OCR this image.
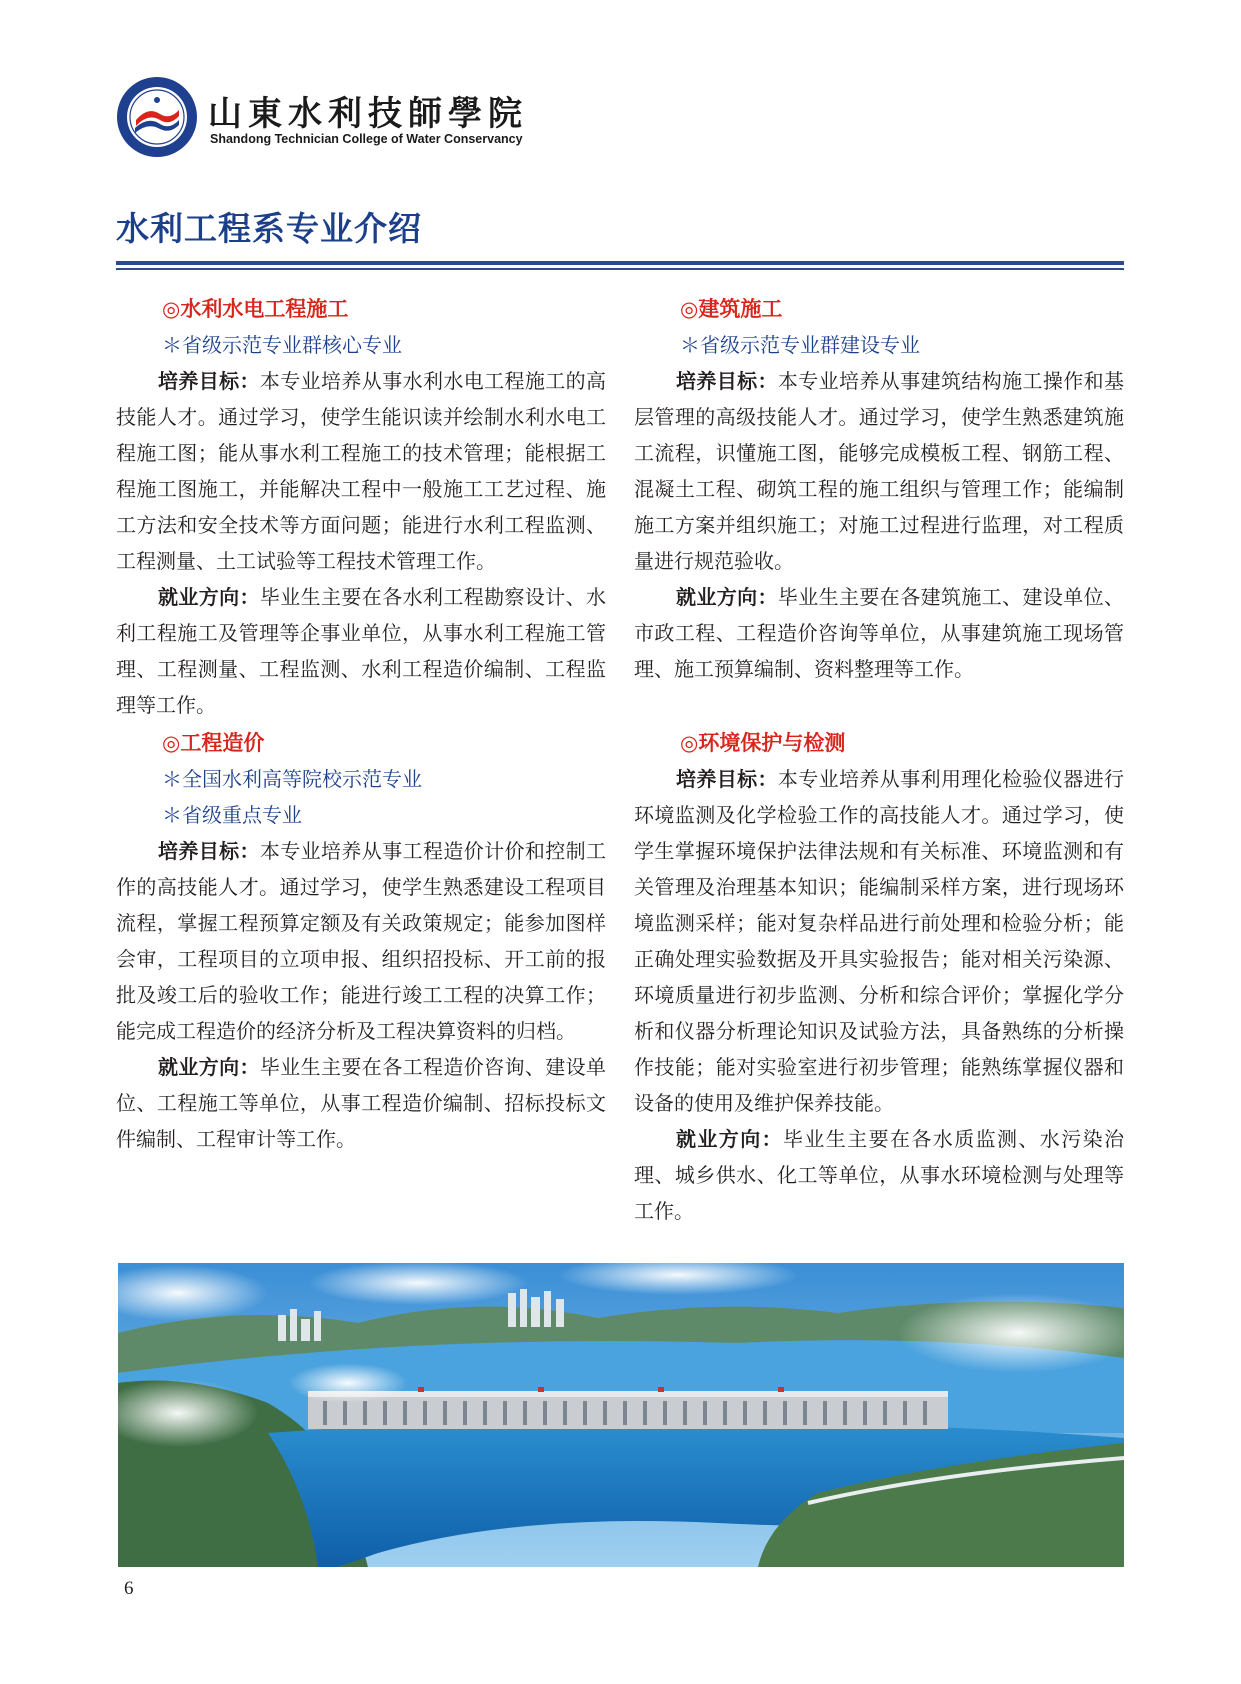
山東水利技師學院
Shandong Technician College of Water Conservancy
水利工程系专业介绍
◎水利水电工程施工
＊省级示范专业群核心专业

培养目标：本专业培养从事水利水电工程施工的高技能人才。通过学习，使学生能识读并绘制水利水电工程施工图；能从事水利工程施工的技术管理；能根据工程施工图施工，并能解决工程中一般施工工艺过程、施工方法和安全技术等方面问题；能进行水利工程监测、工程测量、土工试验等工程技术管理工作。

就业方向：毕业生主要在各水利工程勘察设计、水利工程施工及管理等企事业单位，从事水利工程施工管理、工程测量、工程监测、水利工程造价编制、工程监理等工作。

◎建筑施工
＊省级示范专业群建设专业

培养目标：本专业培养从事建筑结构施工操作和基层管理的高级技能人才。通过学习，使学生熟悉建筑施工流程，识懂施工图，能够完成模板工程、钢筋工程、混凝土工程、砌筑工程的施工组织与管理工作；能编制施工方案并组织施工；对施工过程进行监理，对工程质量进行规范验收。

就业方向：毕业生主要在各建筑施工、建设单位、市政工程、工程造价咨询等单位，从事建筑施工现场管理、施工预算编制、资料整理等工作。

◎工程造价
＊全国水利高等院校示范专业
＊省级重点专业

培养目标：本专业培养从事工程造价计价和控制工作的高技能人才。通过学习，使学生熟悉建设工程项目流程，掌握工程预算定额及有关政策规定；能参加图样会审，工程项目的立项申报、组织招投标、开工前的报批及竣工后的验收工作；能进行竣工工程的决算工作；能完成工程造价的经济分析及工程决算资料的归档。

就业方向：毕业生主要在各工程造价咨询、建设单位、工程施工等单位，从事工程造价编制、招标投标文件编制、工程审计等工作。

◎环境保护与检测

培养目标：本专业培养从事利用理化检验仪器进行环境监测及化学检验工作的高技能人才。通过学习，使学生掌握环境保护法律法规和有关标准、环境监测和有关管理及治理基本知识；能编制采样方案，进行现场环境监测采样；能对复杂样品进行前处理和检验分析；能正确处理实验数据及开具实验报告；能对相关污染源、环境质量进行初步监测、分析和综合评价；掌握化学分析和仪器分析理论知识及试验方法，具备熟练的分析操作技能；能对实验室进行初步管理；能熟练掌握仪器和设备的使用及维护保养技能。

就业方向：毕业生主要在各水质监测、水污染治理、城乡供水、化工等单位，从事水环境检测与处理等工作。

6
